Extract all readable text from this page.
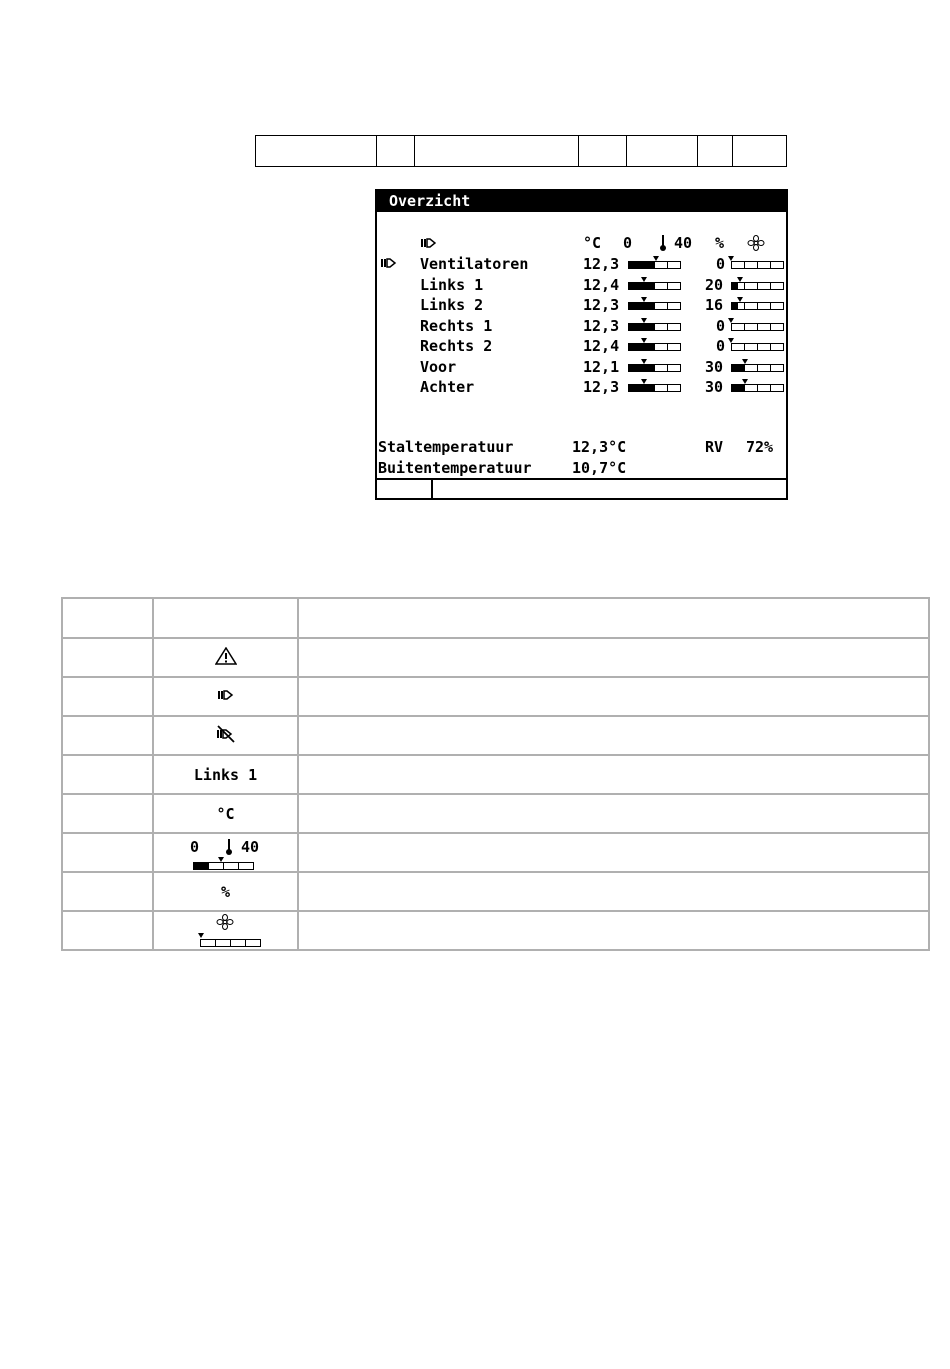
Overzicht
°C 0	40 %
Ventilatoren	12,3	0
Links 1	12,4	20
Links 2	12,3	16
Rechts 1	12,3	0
Rechts 2	12,4	0
Voor	12,1	30
Achter	12,3	30
Staltemperatuur	12,3°C	RV 72%
Buitentemperatuur	10,7°C

	Links 1	
	°C	

	0 40	

	%	
